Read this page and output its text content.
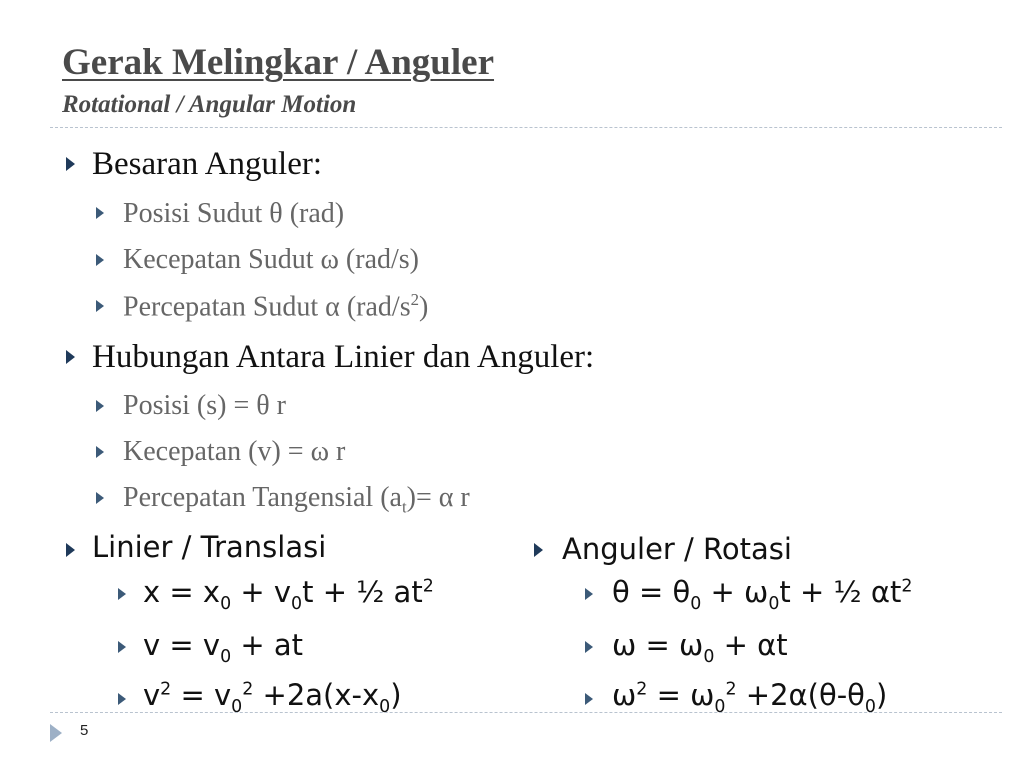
Gerak Melingkar / Anguler
Rotational / Angular Motion
Besaran Anguler:
Posisi Sudut θ (rad)
Kecepatan Sudut ω (rad/s)
Percepatan Sudut α $(rad/s^2)$
Hubungan Antara Linier dan Anguler:
Posisi (s) = θ r
Kecepatan (v) = ω r
Percepatan Tangensial $(a_t)= \alpha$ r
Linier / Translasi
$x = x_0 + v_0t$ + ½ $at^2$
$v = v_0$ + at
$v^2 = v_0^2 +2a(x-x_0)$
Anguler / Rotasi
$\theta = \theta_0 + \omega_0t$ + ½ $\alpha t^2$
$\omega = \omega_0 + \alpha t$
$\omega^2 = \omega_0^2 +2\alpha(\theta-\theta_0)$
5
